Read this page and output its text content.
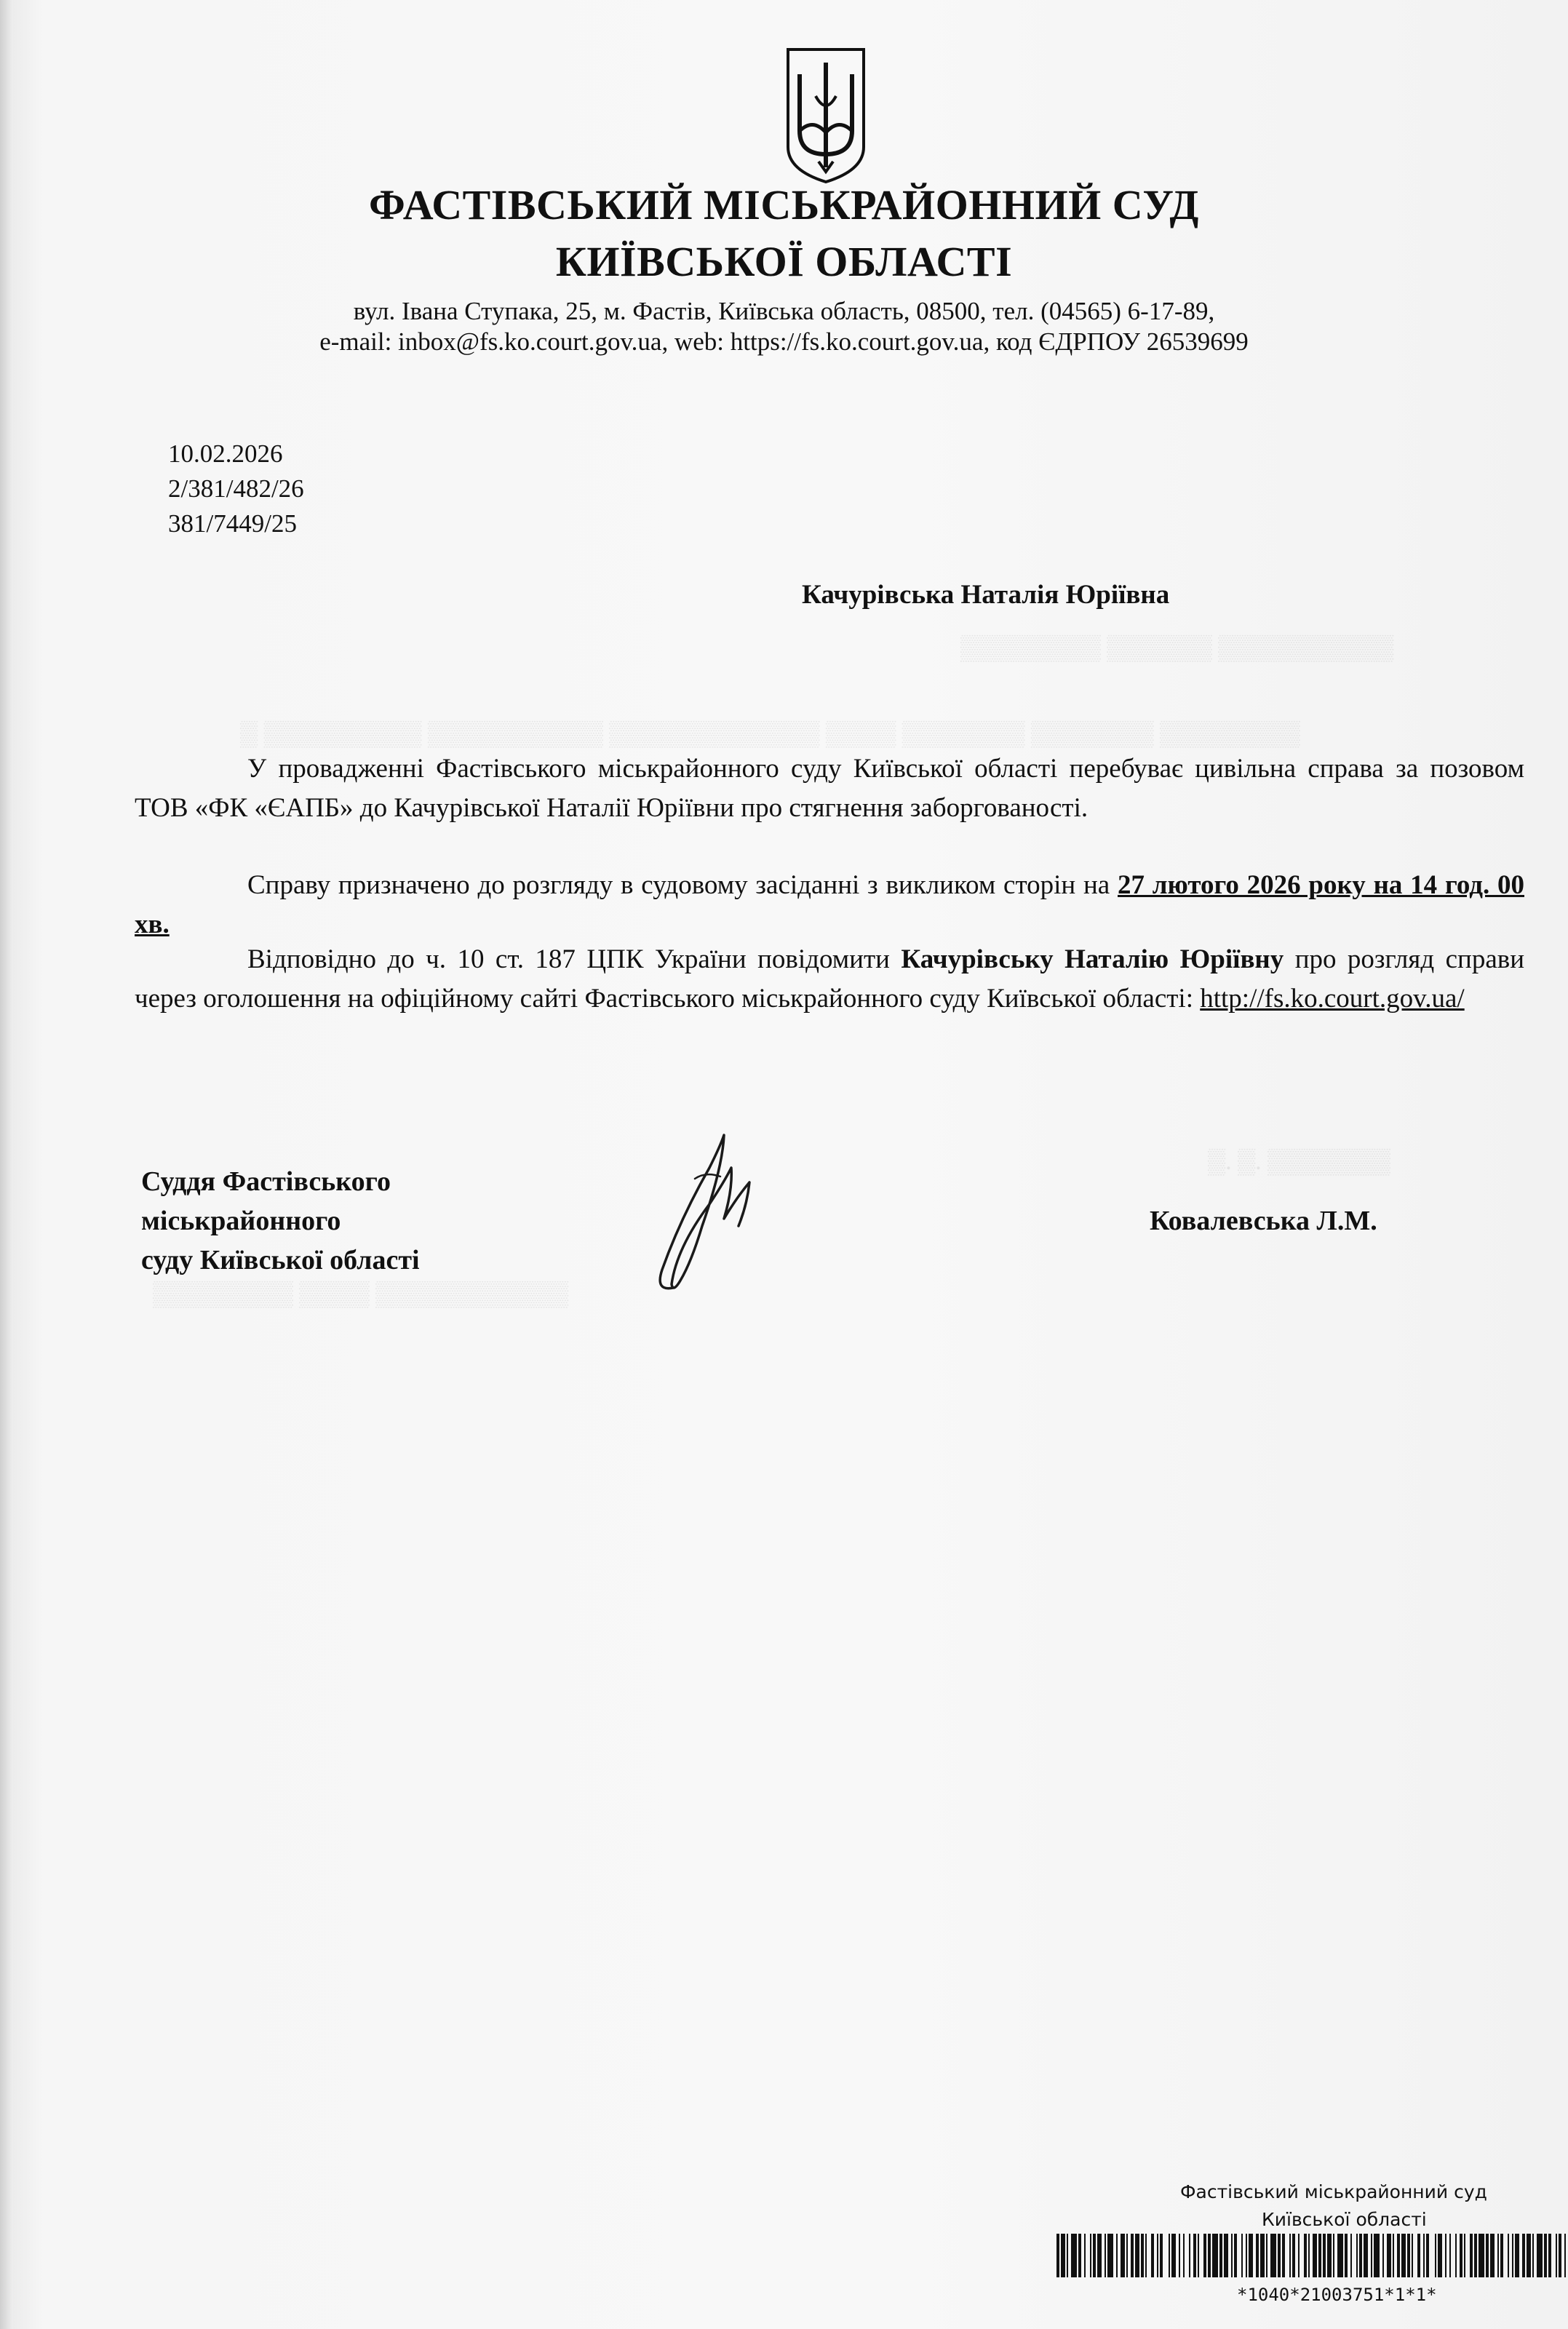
▒▒▒▒▒▒▒▒ ▒▒▒▒▒▒ ▒▒▒▒▒▒▒▒▒▒
▒ ▒▒▒▒▒▒▒▒▒ ▒▒▒▒▒▒▒▒▒▒ ▒▒▒▒▒▒▒▒▒▒▒▒ ▒▒▒▒ ▒▒▒▒▒▒▒ ▒▒▒▒▒▒▒ ▒▒▒▒▒▒▒▒
▒▒▒▒▒▒▒▒ ▒▒▒▒ ▒▒▒▒▒▒▒▒▒▒▒
▒. ▒. ▒▒▒▒▒▒▒
ФАСТІВСЬКИЙ МІСЬКРАЙОННИЙ СУД
КИЇВСЬКОЇ ОБЛАСТІ
вул. Івана Ступака, 25, м. Фастів, Київська область, 08500, тел. (04565) 6-17-89,
e-mail: inbox@fs.ko.court.gov.ua, web: https://fs.ko.court.gov.ua, код ЄДРПОУ 26539699
10.02.2026
2/381/482/26
381/7449/25
Качурівська Наталія Юріївна

У провадженні Фастівського міськрайонного суду Київської області перебуває цивільна справа за позовом ТОВ «ФК «ЄАПБ» до Качурівської Наталії Юріївни про стягнення заборгованості.

Справу призначено до розгляду в судовому засіданні з викликом сторін на 27 лютого 2026 року на 14 год. 00 хв.

Відповідно до ч. 10 ст. 187 ЦПК України повідомити Качурівську Наталію Юріївну про розгляд справи через оголошення на офіційному сайті Фастівського міськрайонного суду Київської області: http://fs.ko.court.gov.ua/

Суддя Фастівського
міськрайонного
суду Київської області
Ковалевська Л.М.
Фастівський міськрайонний суд
Київської області
*1040*21003751*1*1*
